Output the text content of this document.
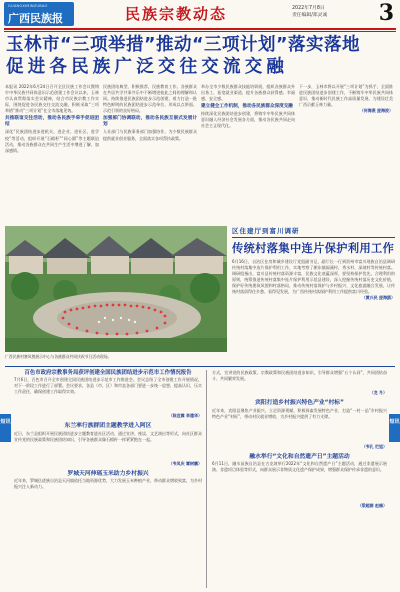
GUANGXIMINZUBAO
广西民族报	民族宗教动态	2022年7月8日
责任编辑/郑灵诚 3
玉林市“三项举措”推动“三项计划”落实落地
促进各民族广泛交往交流交融

本报讯 2022年6月24日召开全区民族工作会议暨铸牢中华民族共同体意识示范创建工作会议以来，玉林市认真贯彻落实会议精神，结合市民族宗教工作实际，围绕促进各民族交往交流交融，积极采取“三项举措”推动“三项计划”在全市落地见效。

共推联谊交往活动，推动各民族手牵手促进团结

深化“民族团结进步进机关、进企业、进社区、进学校”等活动，组织开展“石榴籽”“同心圆”等主题联谊活动，推动各族群众在共同生产生活中增进了解、加深感情。

民族团结典型，积极推荐，民族教育工作。各族群众在共居共学共事共乐中不断增进彼此之间的理解和认同。持续推进民族团结进步示范创建，着力打造一批特色鲜明的民族团结进步示范单位，形成以点带面、示范引领的良好格局。

加强部门协调联动，推动各民族互嵌式发展计划

人社部门与民族事务部门加强协作，为少数民族群众提供就业创业服务，全面落实各项帮扶政策。

举办全市少数民族群众技能培训班，组织各族群众外出务工，拓宽就业渠道，提升各族群众获得感、幸福感、安全感。

建立健全工作机制，推动各民族群众深度交融

持续深化民族团结进步创建，将铸牢中华民族共同体意识融入经济社会发展各方面，推动各民族共同走向社会主义现代化。

下一步，玉林市将以开展“三项计划”为抓手，全面推进民族团结进步创建工作，不断铸牢中华民族共同体意识，推动新时代民族工作高质量发展，为建设壮美广西贡献玉林力量。

（何海燕 庞海波）

广西民族村寨风貌展示中心与各族群众共同庆祝节日活动现场。
区住建厅到富川调研
传统村落集中连片保护利用工作

6月16日，自治区住房和城乡建设厅党组副书记、副厅长一行到贺州市富川瑶族自治县调研传统村落集中连片保护利用工作，实地考察了朝东镇福溪村、秀水村、深坡村等传统村落。调研组指出，富川县传统村落资源丰富，民族文化底蕴深厚，要坚持保护优先、合理利用的原则，统筹推进传统村落集中连片保护利用示范县建设，深入挖掘传统村落历史文化价值，保护好传统建筑风貌和村落格局，推动传统村落保护与乡村振兴、文化旅游融合发展，让传统村落留得住乡愁、看得见发展，为广西传统村落保护利用工作提供富川经验。

（黄兴民 庞海鸥）

短讯	短讯
百色市政府宗教事务局获评创建全国民族团结进步示范市工作情况报告
7月6日，百色市召开全市创建全国民族团结进步示范市工作推进会。会议总结了全市创建工作开展情况，对下一阶段工作进行了部署。会议要求，各县（市、区）和市直各部门要进一步统一思想、提高认识，压实工作责任，确保创建工作取得实效。
（陈宜霖 李建华）
东兰率行族群团主题教学进入阿区
近日，东兰县组织开展民族团结进步主题教育进社区活动，通过宣讲、座谈、文艺演出等形式，向社区群众宣传党的民族政策和民族团结知识，引导各族群众像石榴籽一样紧紧抱在一起。
（韦凤庆 覃树鹏）
罗城天河伸瑶玉米助力乡村振兴
近年来，罗城仫佬族自治县天河镇依托当地资源优势，大力发展玉米种植产业，带动群众增收致富，为乡村振兴注入新动力。
方式，宣讲党的民族政策、宗教政策和民族团结进步知识，引导群众增强“五个认同”，共同团结奋斗、共同繁荣发展。
（龙 冬）
宾阳打造乡村振兴特色产业“村标”
近年来，宾阳县聚焦产业振兴，立足资源禀赋，积极探索发展特色产业，打造“一村一品”乡村振兴特色产业“村标”，带动村民就业增收，为乡村振兴提供了有力支撑。
（韦孔 尼姐）
融水举行“文化和自然遗产日”主题活动
6月11日，融水苗族自治县在古龙坡举行2022年“文化和自然遗产日”主题活动，通过非遗展示展演、非遗项目体验等形式，向群众展示非物质文化遗产保护成果，增强群众保护传承非遗的意识。
（梁超群 赵楠）
